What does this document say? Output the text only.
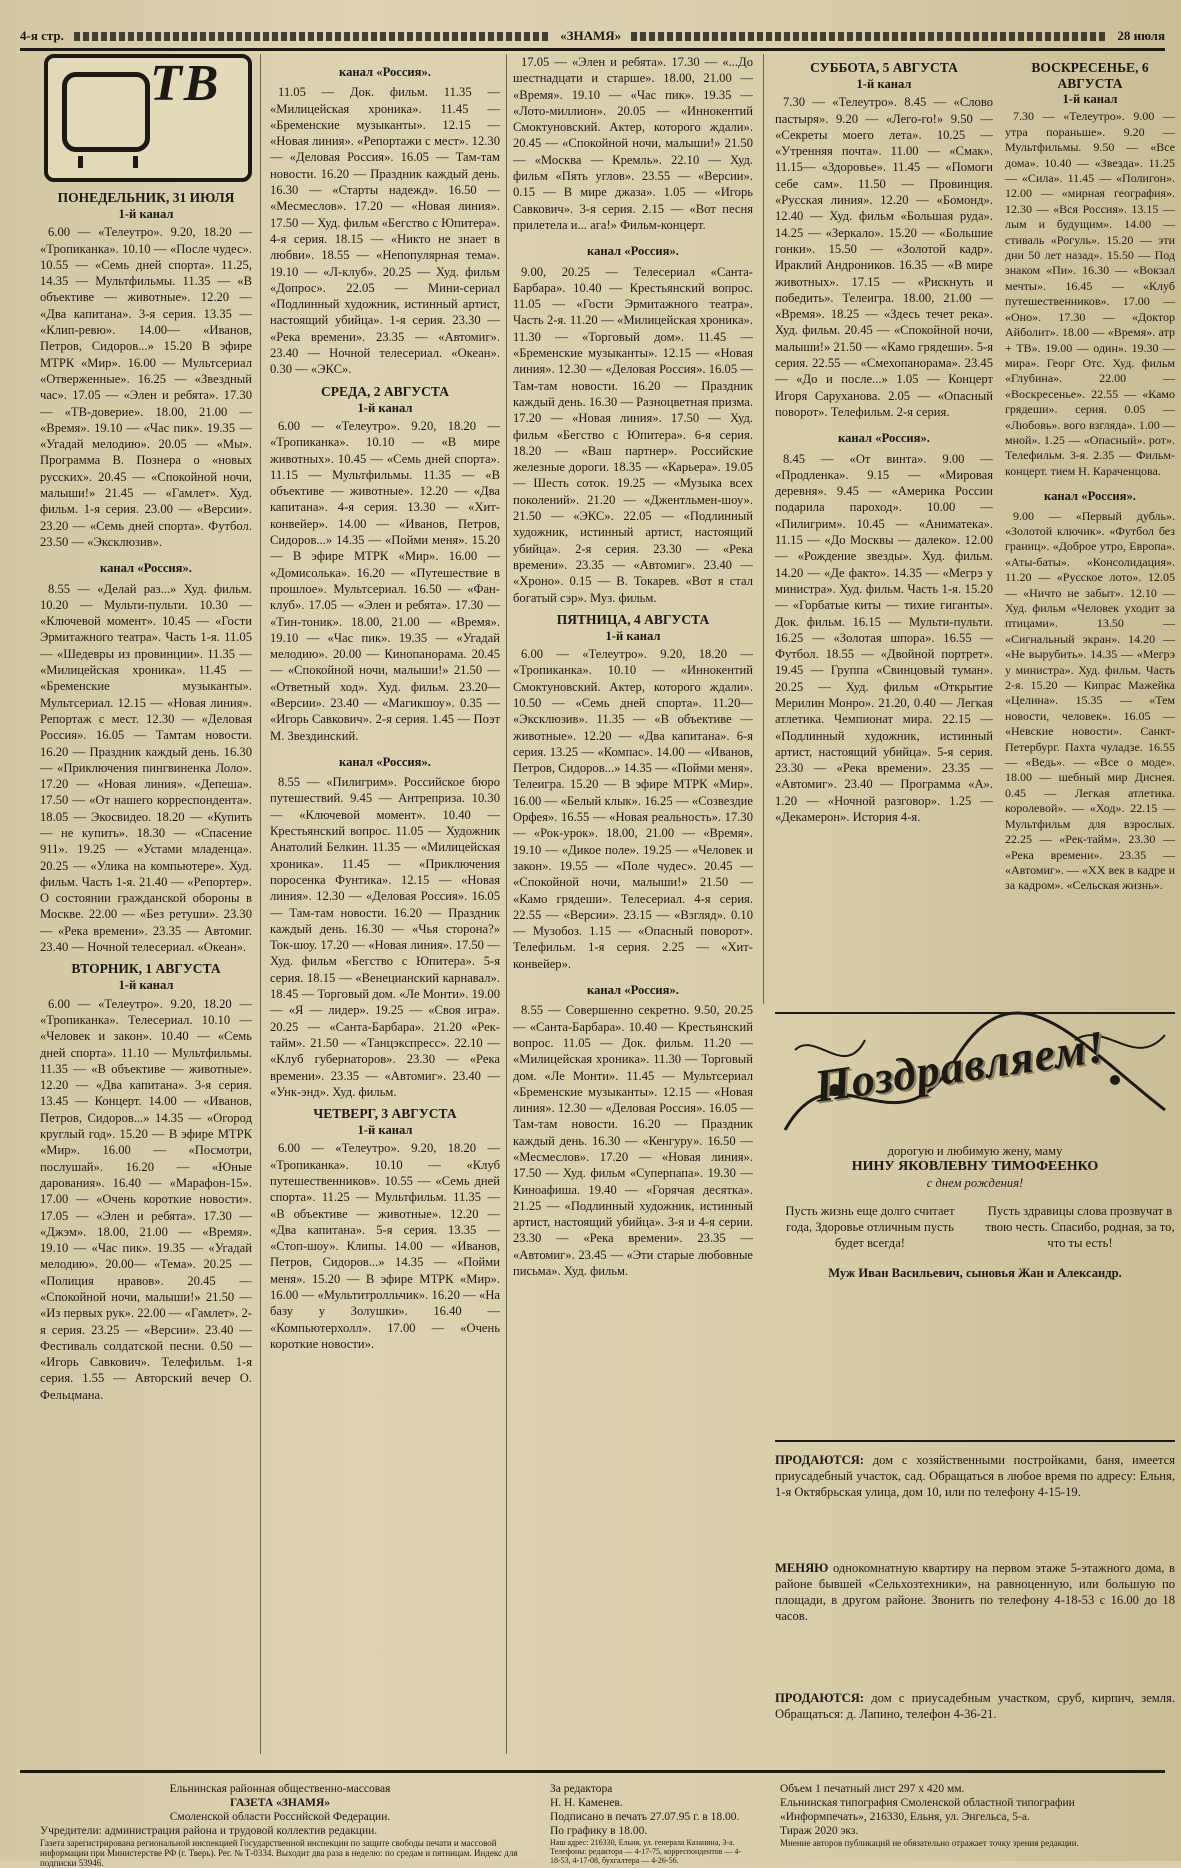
4-я стр.	«ЗНАМЯ»	28 июля
ТВ

ПОНЕДЕЛЬНИК, 31 ИЮЛЯ

1-й канал

6.00 — «Телеутро». 9.20, 18.20 — «Тропиканка». 10.10 — «После чудес». 10.55 — «Семь дней спорта». 11.25, 14.35 — Мультфильмы. 11.35 — «В объективе — животные». 12.20 — «Два капитана». 3-я серия. 13.35 — «Клип-ревю». 14.00— «Иванов, Петров, Сидоров...» 15.20 В эфире МТРК «Мир». 16.00 — Мультсериал «Отверженные». 16.25 — «Звездный час». 17.05 — «Элен и ребята». 17.30 — «ТВ-доверие». 18.00, 21.00 — «Время». 19.10 — «Час пик». 19.35 — «Угадай мелодию». 20.05 — «Мы». Программа В. Познера о «новых русских». 20.45 — «Спокойной ночи, малыши!» 21.45 — «Гамлет». Худ. фильм. 1-я серия. 23.00 — «Версии». 23.20 — «Семь дней спорта». Футбол. 23.50 — «Эксклюзив».

канал «Россия».

8.55 — «Делай раз...» Худ. фильм. 10.20 — Мульти-пульти. 10.30 — «Ключевой момент». 10.45 — «Гости Эрмитажного театра». Часть 1-я. 11.05 — «Шедевры из провинции». 11.35 — «Милицейская хроника». 11.45 — «Бременские музыканты». Мультсериал. 12.15 — «Новая линия». Репортаж с мест. 12.30 — «Деловая Россия». 16.05 — Тамтам новости. 16.20 — Праздник каждый день. 16.30 — «Приключения пингвиненка Лоло». 17.20 — «Новая линия». «Депеша». 17.50 — «От нашего корреспондента». 18.05 — Экосвидео. 18.20 — «Купить — не купить». 18.30 — «Спасение 911». 19.25 — «Устами младенца». 20.25 — «Улика на компьютере». Худ. фильм. Часть 1-я. 21.40 — «Репортер». О состоянии гражданской обороны в Москве. 22.00 — «Без ретуши». 23.30— «Река времени». 23.35 — Автомиг. 23.40 — Ночной телесериал. «Океан».

ВТОРНИК, 1 АВГУСТА

1-й канал

6.00 — «Телеутро». 9.20, 18.20 — «Тропиканка». Телесериал. 10.10 — «Человек и закон». 10.40 — «Семь дней спорта». 11.10 — Мультфильмы. 11.35 — «В объективе — животные». 12.20 — «Два капитана». 3-я серия. 13.45 — Концерт. 14.00 — «Иванов, Петров, Сидоров...» 14.35 — «Огород круглый год». 15.20 — В эфире МТРК «Мир». 16.00 — «Посмотри, послушай». 16.20 — «Юные дарования». 16.40 — «Марафон-15». 17.00 — «Очень короткие новости». 17.05 — «Элен и ребята». 17.30 — «Джэм». 18.00, 21.00 — «Время». 19.10 — «Час пик». 19.35 — «Угадай мелодию». 20.00— «Тема». 20.25 — «Полиция нравов». 20.45 — «Спокойной ночи, малыши!» 21.50 — «Из первых рук». 22.00 — «Гамлет». 2-я серия. 23.25 — «Версии». 23.40 — Фестиваль солдатской песни. 0.50 — «Игорь Савкович». Телефильм. 1-я серия. 1.55 — Авторский вечер О. Фельцмана.

канал «Россия».

11.05 — Док. фильм. 11.35 — «Милицейская хроника». 11.45 — «Бременские музыканты». 12.15 — «Новая линия». «Репортажи с мест». 12.30 — «Деловая Россия». 16.05 — Там-там новости. 16.20 — Праздник каждый день. 16.30 — «Старты надежд». 16.50 — «Месмеслов». 17.20 — «Новая линия». 17.50 — Худ. фильм «Бегство с Юпитера». 4-я серия. 18.15 — «Никто не знает в любви». 18.55 — «Непопулярная тема». 19.10 — «Л-клуб». 20.25 — Худ. фильм «Допрос». 22.05 — Мини-сериал «Подлинный художник, истинный артист, настоящий убийца». 1-я серия. 23.30 — «Река времени». 23.35 — «Автомиг». 23.40 — Ночной телесериал. «Океан». 0.30 — «ЭКС».

СРЕДА, 2 АВГУСТА

1-й канал

6.00 — «Телеутро». 9.20, 18.20 — «Тропиканка». 10.10 — «В мире животных». 10.45 — «Семь дней спорта». 11.15 — Мультфильмы. 11.35 — «В объективе — животные». 12.20 — «Два капитана». 4-я серия. 13.30 — «Хит-конвейер». 14.00 — «Иванов, Петров, Сидоров...» 14.35 — «Пойми меня». 15.20 — В эфире МТРК «Мир». 16.00 — «Домисолька». 16.20 — «Путешествие в прошлое». Мультсериал. 16.50 — «Фан-клуб». 17.05 — «Элен и ребята». 17.30 — «Тин-тоник». 18.00, 21.00 — «Время». 19.10 — «Час пик». 19.35 — «Угадай мелодию». 20.00 — Кинопанорама. 20.45 — «Спокойной ночи, малыши!» 21.50 — «Ответный ход». Худ. фильм. 23.20— «Версии». 23.40 — «Магикшоу». 0.35 — «Игорь Савкович». 2-я серия. 1.45 — Поэт М. Звездинский.

канал «Россия».

8.55 — «Пилигрим». Российское бюро путешествий. 9.45 — Антреприза. 10.30 — «Ключевой момент». 10.40 — Крестьянский вопрос. 11.05 — Художник Анатолий Белкин. 11.35 — «Милицейская хроника». 11.45 — «Приключения поросенка Фунтика». 12.15 — «Новая линия». 12.30 — «Деловая Россия». 16.05 — Там-там новости. 16.20 — Праздник каждый день. 16.30 — «Чья сторона?» Ток-шоу. 17.20 — «Новая линия». 17.50 — Худ. фильм «Бегство с Юпитера». 5-я серия. 18.15 — «Венецианский карнавал». 18.45 — Торговый дом. «Ле Монти». 19.00 — «Я — лидер». 19.25 — «Своя игра». 20.25 — «Санта-Барбара». 21.20 «Рек-тайм». 21.50 — «Танцэкспресс». 22.10 — «Клуб губернаторов». 23.30 — «Река времени». 23.35 — «Автомиг». 23.40 — «Унк-энд». Худ. фильм.

ЧЕТВЕРГ, 3 АВГУСТА

1-й канал

6.00 — «Телеутро». 9.20, 18.20 — «Тропиканка». 10.10 — «Клуб путешественников». 10.55 — «Семь дней спорта». 11.25 — Мультфильм. 11.35 — «В объективе — животные». 12.20 — «Два капитана». 5-я серия. 13.35 — «Стоп-шоу». Клипы. 14.00 — «Иванов, Петров, Сидоров...» 14.35 — «Пойми меня». 15.20 — В эфире МТРК «Мир». 16.00 — «Мультитролльчик». 16.20 — «На базу у Золушки». 16.40 — «Компьютерхолл». 17.00 — «Очень короткие новости».

17.05 — «Элен и ребята». 17.30 — «...До шестнадцати и старше». 18.00, 21.00 — «Время». 19.10 — «Час пик». 19.35 — «Лото-миллион». 20.05 — «Иннокентий Смоктуновский. Актер, которого ждали». 20.45 — «Спокойной ночи, малыши!» 21.50 — «Москва — Кремль». 22.10 — Худ. фильм «Пять углов». 23.55 — «Версии». 0.15 — В мире джаза». 1.05 — «Игорь Савкович». 3-я серия. 2.15 — «Вот песня прилетела и... ага!» Фильм-концерт.

канал «Россия».

9.00, 20.25 — Телесериал «Санта-Барбара». 10.40 — Крестьянский вопрос. 11.05 — «Гости Эрмитажного театра». Часть 2-я. 11.20 — «Милицейская хроника». 11.30 — «Торговый дом». 11.45 — «Бременские музыканты». 12.15 — «Новая линия». 12.30 — «Деловая Россия». 16.05 — Там-там новости. 16.20 — Праздник каждый день. 16.30 — Разноцветная призма. 17.20 — «Новая линия». 17.50 — Худ. фильм «Бегство с Юпитера». 6-я серия. 18.20 — «Ваш партнер». Российские железные дороги. 18.35 — «Карьера». 19.05 — Шесть соток. 19.25 — «Музыка всех поколений». 21.20 — «Джентльмен-шоу». 21.50 — «ЭКС». 22.05 — «Подлинный художник, истинный артист, настоящий убийца». 2-я серия. 23.30 — «Река времени». 23.35 — «Автомиг». 23.40 — «Хроно». 0.15 — В. Токарев. «Вот я стал богатый сэр». Муз. фильм.

ПЯТНИЦА, 4 АВГУСТА

1-й канал

6.00 — «Телеутро». 9.20, 18.20 — «Тропиканка». 10.10 — «Иннокентий Смоктуновский. Актер, которого ждали». 10.50 — «Семь дней спорта». 11.20— «Эксклюзив». 11.35 — «В объективе — животные». 12.20 — «Два капитана». 6-я серия. 13.25 — «Компас». 14.00 — «Иванов, Петров, Сидоров...» 14.35 — «Пойми меня». Телеигра. 15.20 — В эфире МТРК «Мир». 16.00 — «Белый клык». 16.25 — «Созвездие Орфея». 16.55 — «Новая реальность». 17.30 — «Рок-урок». 18.00, 21.00 — «Время». 19.10 — «Дикое поле». 19.25 — «Человек и закон». 19.55 — «Поле чудес». 20.45 — «Спокойной ночи, малыши!» 21.50 — «Камо грядеши». Телесериал. 4-я серия. 22.55 — «Версии». 23.15 — «Взгляд». 0.10 — Музобоз. 1.15 — «Опасный поворот». Телефильм. 1-я серия. 2.25 — «Хит-конвейер».

канал «Россия».

8.55 — Совершенно секретно. 9.50, 20.25 — «Санта-Барбара». 10.40 — Крестьянский вопрос. 11.05 — Док. фильм. 11.20 — «Милицейская хроника». 11.30 — Торговый дом. «Ле Монти». 11.45 — Мультсериал «Бременские музыканты». 12.15 — «Новая линия». 12.30 — «Деловая Россия». 16.05 — Там-там новости. 16.20 — Праздник каждый день. 16.30 — «Кенгуру». 16.50 — «Месмеслов». 17.20 — «Новая линия». 17.50 — Худ. фильм «Суперпапа». 19.30 — Киноафиша. 19.40 — «Горячая десятка». 21.25 — «Подлинный художник, истинный артист, настоящий убийца». 3-я и 4-я серии. 23.30 — «Река времени». 23.35 — «Автомиг». 23.45 — «Эти старые любовные письма». Худ. фильм.

СУББОТА, 5 АВГУСТА

1-й канал

7.30 — «Телеутро». 8.45 — «Слово пастыря». 9.20 — «Лего-го!» 9.50 — «Секреты моего лета». 10.25 — «Утренняя почта». 11.00 — «Смак». 11.15— «Здоровье». 11.45 — «Помоги себе сам». 11.50 — Провинция. «Русская линия». 12.20 — «Бомонд». 12.40 — Худ. фильм «Большая руда». 14.25 — «Зеркало». 15.20 — «Большие гонки». 15.50 — «Золотой кадр». Ираклий Андроников. 16.35 — «В мире животных». 17.15 — «Рискнуть и победить». Телеигра. 18.00, 21.00 — «Время». 18.25 — «Здесь течет река». Худ. фильм. 20.45 — «Спокойной ночи, малыши!» 21.50 — «Камо грядеши». 5-я серия. 22.55 — «Смехопанорама». 23.45 — «До и после...» 1.05 — Концерт Игоря Саруханова. 2.05 — «Опасный поворот». Телефильм. 2-я серия.

канал «Россия».

8.45 — «От винта». 9.00 — «Продленка». 9.15 — «Мировая деревня». 9.45 — «Америка России подарила пароход». 10.00 — «Пилигрим». 10.45 — «Аниматека». 11.15 — «До Москвы — далеко». 12.00 — «Рождение звезды». Худ. фильм. 14.20 — «Де факто». 14.35 — «Мегрэ у министра». Худ. фильм. Часть 1-я. 15.20 — «Горбатые киты — тихие гиганты». Док. фильм. 16.15 — Мульти-пульти. 16.25 — «Золотая шпора». 16.55 — Футбол. 18.55 — «Двойной портрет». 19.45 — Группа «Свинцовый туман». 20.25 — Худ. фильм «Открытие Мерилин Монро». 21.20, 0.40 — Легкая атлетика. Чемпионат мира. 22.15 — «Подлинный художник, истинный артист, настоящий убийца». 5-я серия. 23.30 — «Река времени». 23.35 — «Автомиг». 23.40 — Программа «А». 1.20 — «Ночной разговор». 1.25 — «Декамерон». История 4-я.

ВОСКРЕСЕНЬЕ, 6 АВГУСТА

1-й канал

7.30 — «Телеутро». 9.00 — утра пораньше». 9.20 — Мультфильмы. 9.50 — «Все дома». 10.40 — «Звезда». 11.25 — «Сила». 11.45 — «Полигон». 12.00 — «мирная география». 12.30 — «Вся Россия». 13.15 — лым и будущим». 14.00 — стиваль «Рогуль». 15.20 — эти дни 50 лет назад». 15.50 — Под знаком «Пи». 16.30 — «Вокзал мечты». 16.45 — «Клуб путешественников». 17.00 — «Оно». 17.30 — «Доктор Айболит». 18.00 — «Время». атр + ТВ». 19.00 — один». 19.30 — мира». Георг Отс. Худ. фильм «Глубина». 22.00 — «Воскресенье». 22.55 — «Камо грядеши». серия. 0.05 — «Любовь». вого взгляда». 1.00 — мной». 1.25 — «Опасный». рот». Телефильм. 3-я. 2.35 — Фильм-концерт. тием Н. Караченцова.

канал «Россия».

9.00 — «Первый дубль». «Золотой ключик». «Футбол без границ». «Доброе утро, Европа». «Аты-баты». «Консолидация». 11.20 — «Русское лото». 12.05 — «Ничто не забыт». 12.10 — Худ. фильм «Человек уходит за птицами». 13.50 — «Сигнальный экран». 14.20 — «Не вырубить». 14.35 — «Мегрэ у министра». Худ. фильм. Часть 2-я. 15.20 — Кипрас Мажейка «Целина». 15.35 — «Тем новости, человек». 16.05 — «Невские новости». Санкт-Петербург. Пахта чуладзе. 16.55 — «Ведь». — «Все о моде». 18.00 — шебный мир Диснея. 0.45 — Легкая атлетика. королевой». — «Ход». 22.15 — Мультфильм для взрослых. 22.25 — «Рек-тайм». 23.30 — «Река времени». 23.35 — «Автомиг». — «XX век в кадре и за кадром». «Сельская жизнь».

Поздравляем!

дорогую и любимую жену, маму

НИНУ ЯКОВЛЕВНУ ТИМОФЕЕНКО

с днем рождения!

Пусть жизнь еще долго считает года, Здоровье отличным пусть будет всегда!

Пусть здравицы слова прозвучат в твою честь. Спасибо, родная, за то, что ты есть!

Муж Иван Васильевич, сыновья Жан и Александр.

ПРОДАЮТСЯ: дом с хозяйственными постройками, баня, имеется приусадебный участок, сад. Обращаться в любое время по адресу: Ельня, 1-я Октябрьская улица, дом 10, или по телефону 4-15-19.
МЕНЯЮ однокомнатную квартиру на первом этаже 5-этажного дома, в районе бывшей «Сельхозтехники», на равноценную, или большую по площади, в другом районе. Звонить по телефону 4-18-53 с 16.00 до 18 часов.
ПРОДАЮТСЯ: дом с приусадебным участком, сруб, кирпич, земля. Обращаться: д. Лапино, телефон 4-36-21.
Ельнинская районная общественно-массовая
ГАЗЕТА «ЗНАМЯ»
Смоленской области Российской Федерации.
Учредители: администрация района и трудовой коллектив редакции.
За редактора
Н. Н. Каменев.
Подписано в печать 27.07.95 г. в 18.00. По графику в 18.00.
Объем 1 печатный лист 297 х 420 мм.
Ельнинская типография Смоленской областной типографии «Информпечать», 216330, Ельня, ул. Энгельса, 5-а.
Тираж 2020 экз.
Газета зарегистрирована региональной инспекцией Государственной инспекции по защите свободы печати и массовой информации при Министерстве РФ (г. Тверь). Рег. № Т-0334. Выходит два раза в неделю: по средам и пятницам. Индекс для подписки 53946.
Наш адрес: 216330, Ельня, ул. генерала Казанина, 3-а. Телефоны: редактора — 4-17-75, корреспондентов — 4-18-53, 4-17-08, бухгалтера — 4-26-56.
Мнение авторов публикаций не обязательно отражает точку зрения редакции.
